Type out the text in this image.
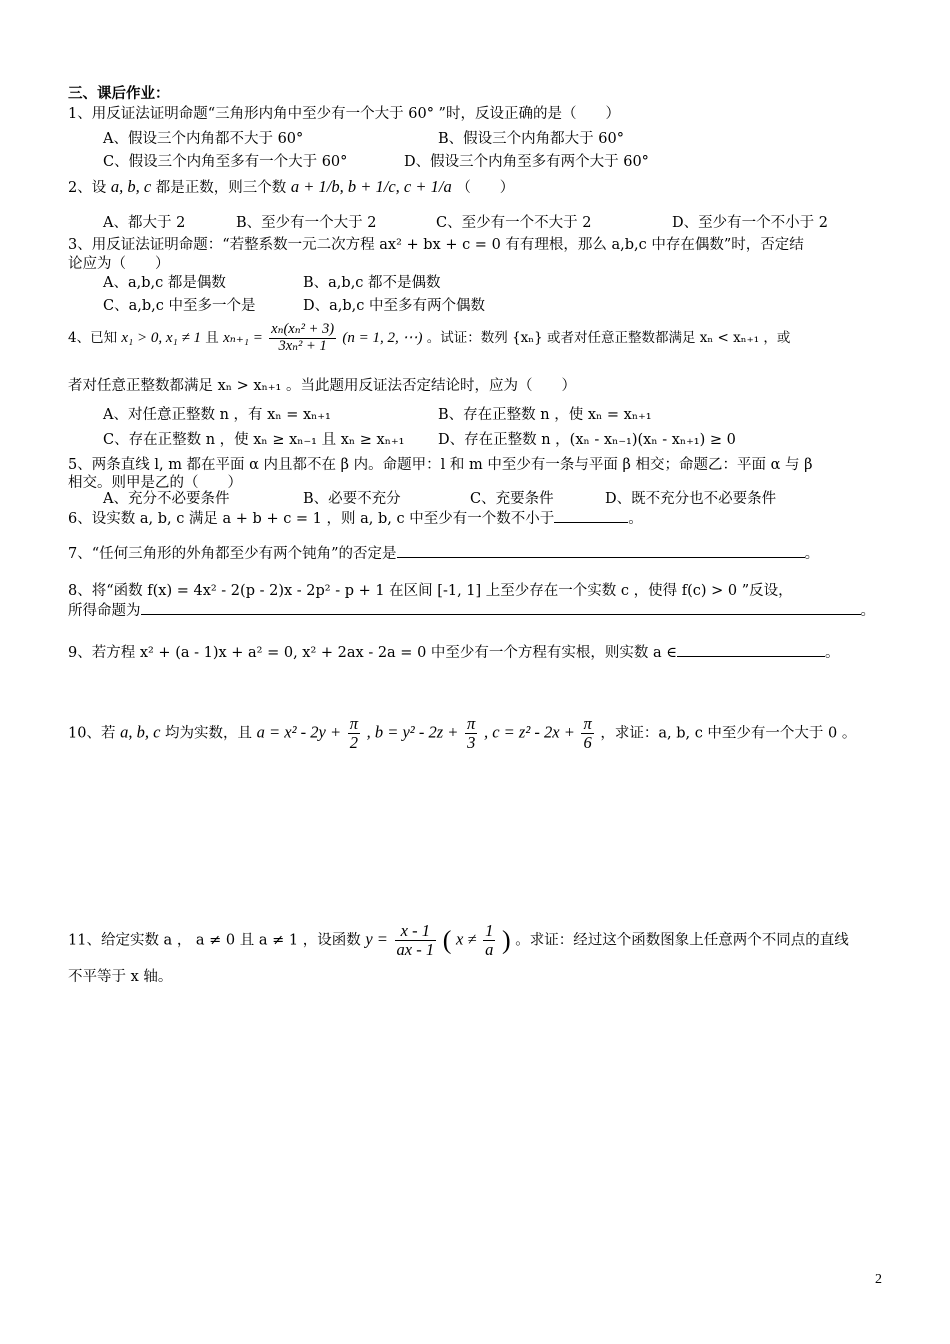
三、课后作业：
1、用反证法证明命题“三角形内角中至少有一个大于 60° ”时，反设正确的是（　　）
A、假设三个内角都不大于 60°	B、假设三个内角都大于 60°
C、假设三个内角至多有一个大于 60°	D、假设三个内角至多有两个大于 60°
2、设 a, b, c 都是正数，则三个数 a + 1/b, b + 1/c, c + 1/a （　　）
A、都大于 2	B、至少有一个大于 2	C、至少有一个不大于 2	D、至少有一个不小于 2
3、用反证法证明命题：“若整系数一元二次方程 ax² + bx + c = 0 有有理根，那么 a,b,c 中存在偶数”时，否定结
论应为（　　）
A、a,b,c 都是偶数	B、a,b,c 都不是偶数
C、a,b,c 中至多一个是	D、a,b,c 中至多有两个偶数
4、已知 x₁ > 0, x₁ ≠ 1 且 $x_{n+1} = \frac{\text{xₙ(xₙ² + 3)}}{\text{3xₙ² + 1}} (n = 1$, 2, ⋯) 。试证：数列 {xₙ} 或者对任意正整数都满足 xₙ < xₙ₊₁ ，或
者对任意正整数都满足 xₙ > xₙ₊₁ 。当此题用反证法否定结论时，应为（　　）
A、对任意正整数 n ，有 xₙ = xₙ₊₁	B、存在正整数 n ，使 xₙ = xₙ₊₁
C、存在正整数 n ，使 xₙ ≥ xₙ₋₁ 且 xₙ ≥ xₙ₊₁ D、存在正整数 n ，(xₙ - xₙ₋₁)(xₙ - xₙ₊₁) ≥ 0
5、两条直线 l, m 都在平面 α 内且都不在 β 内。命题甲：l 和 m 中至少有一条与平面 β 相交；命题乙：平面 α 与 β
相交。则甲是乙的（　　）
A、充分不必要条件	B、必要不充分	C、充要条件	D、既不充分也不必要条件
6、设实数 a, b, c 满足 a + b + c = 1 ，则 a, b, c 中至少有一个数不小于	。
7、“任何三角形的外角都至少有两个钝角”的否定是	。
8、将“函数 f(x) = 4x² - 2(p - 2)x - 2p² - p + 1 在区间 [-1, 1] 上至少存在一个实数 c ，使得 f(c) > 0 ”反设，
所得命题为	。
9、若方程 x² + (a - 1)x + a² = 0, x² + 2ax - 2a = 0 中至少有一个方程有实根，则实数 a ∈	。
10、若 a, b, c 均为实数，且 $a = x^2 - 2y + \frac{\pi}{2}$ , $b = y^2 - 2z + \frac{\pi}{3}$ , $c = z^2 - 2x + \frac{\pi}{6}$ ，求证：a, b, c 中至少有一个大于 0 。
11、给定实数 a ， a ≠ 0 且 a ≠ 1 ，设函数 $y = \frac{x - 1}{ax - 1}$ ( $x \ne \frac{1}{a}$ ) 。求证：经过这个函数图象上任意两个不同点的直线
不平等于 x 轴。
2
